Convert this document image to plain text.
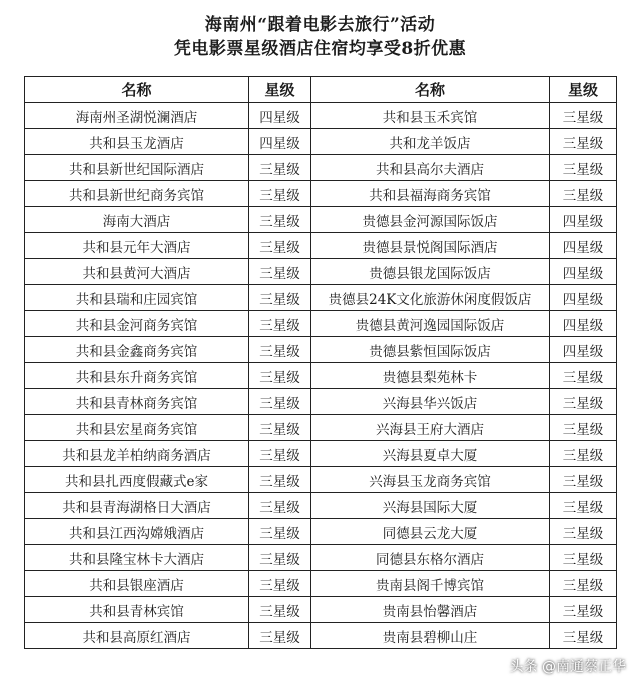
海南州“跟着电影去旅行”活动
凭电影票星级酒店住宿均享受8折优惠
名称	星级	名称	星级
海南州圣湖悦澜酒店	四星级	共和县玉禾宾馆	三星级
共和县玉龙酒店	四星级	共和龙羊饭店	三星级
共和县新世纪国际酒店	三星级	共和县高尔夫酒店	三星级
共和县新世纪商务宾馆	三星级	共和县福海商务宾馆	三星级
海南大酒店	三星级	贵德县金河源国际饭店	四星级
共和县元年大酒店	三星级	贵德县景悦阁国际酒店	四星级
共和县黄河大酒店	三星级	贵德县银龙国际饭店	四星级
共和县瑞和庄园宾馆	三星级	贵德县24K文化旅游休闲度假饭店	四星级
共和县金河商务宾馆	三星级	贵德县黄河逸园国际饭店	四星级
共和县金鑫商务宾馆	三星级	贵德县紫恒国际饭店	四星级
共和县东升商务宾馆	三星级	贵德县梨苑林卡	三星级
共和县青林商务宾馆	三星级	兴海县华兴饭店	三星级
共和县宏星商务宾馆	三星级	兴海县王府大酒店	三星级
共和县龙羊柏纳商务酒店	三星级	兴海县夏卓大厦	三星级
共和县扎西度假藏式e家	三星级	兴海县玉龙商务宾馆	三星级
共和县青海湖格日大酒店	三星级	兴海县国际大厦	三星级
共和县江西沟嫦娥酒店	三星级	同德县云龙大厦	三星级
共和县隆宝林卡大酒店	三星级	同德县东格尔酒店	三星级
共和县银座酒店	三星级	贵南县阁千博宾馆	三星级
共和县青林宾馆	三星级	贵南县怡馨酒店	三星级
共和县高原红酒店	三星级	贵南县碧柳山庄	三星级
头条 @南通蔡正华
